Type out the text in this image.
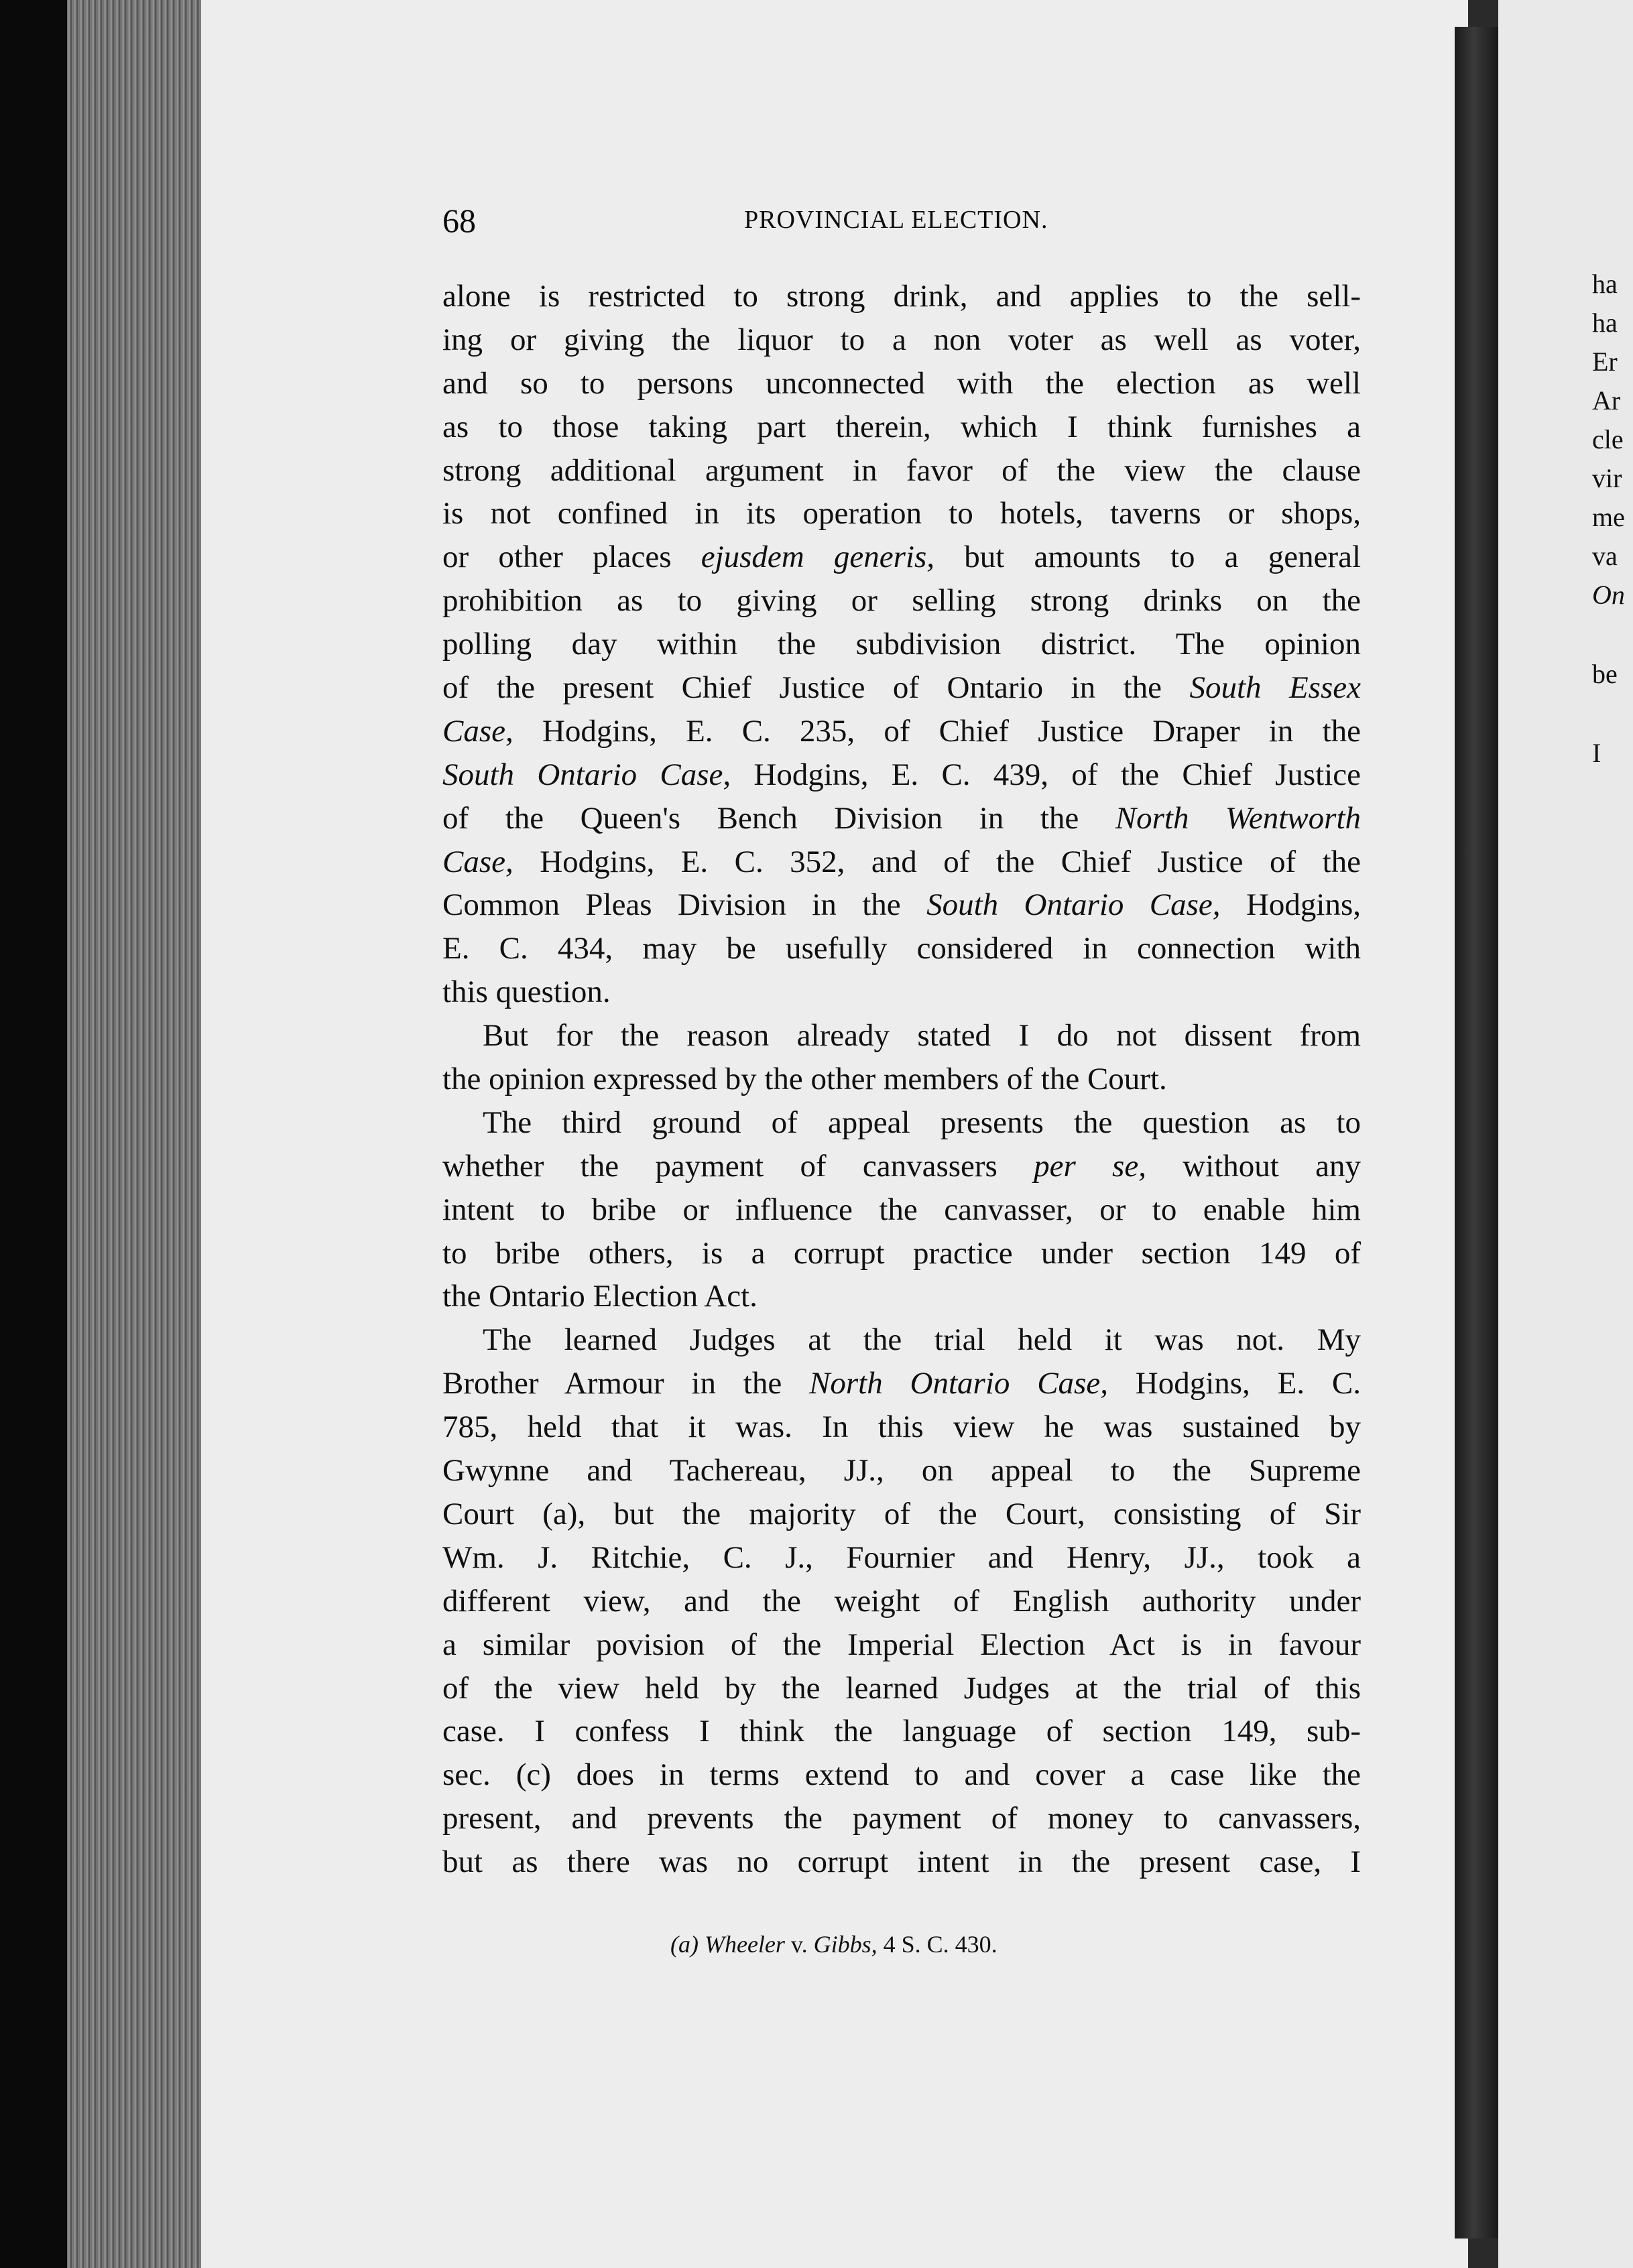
ha
ha
Er
Ar
cle
vir
me
va
On
be
I
68	PROVINCIAL ELECTION.
alone is restricted to strong drink, and applies to the sell-
ing or giving the liquor to a non voter as well as voter,
and so to persons unconnected with the election as well
as to those taking part therein, which I think furnishes a
strong additional argument in favor of the view the clause
is not confined in its operation to hotels, taverns or shops,
or other places ejusdem generis, but amounts to a general
prohibition as to giving or selling strong drinks on the
polling day within the subdivision district. The opinion
of the present Chief Justice of Ontario in the South Essex
Case, Hodgins, E. C. 235, of Chief Justice Draper in the
South Ontario Case, Hodgins, E. C. 439, of the Chief Justice
of the Queen's Bench Division in the North Wentworth
Case, Hodgins, E. C. 352, and of the Chief Justice of the
Common Pleas Division in the South Ontario Case, Hodgins,
E. C. 434, may be usefully considered in connection with
this question.
But for the reason already stated I do not dissent from
the opinion expressed by the other members of the Court.
The third ground of appeal presents the question as to
whether the payment of canvassers per se, without any
intent to bribe or influence the canvasser, or to enable him
to bribe others, is a corrupt practice under section 149 of
the Ontario Election Act.
The learned Judges at the trial held it was not. My
Brother Armour in the North Ontario Case, Hodgins, E. C.
785, held that it was. In this view he was sustained by
Gwynne and Tachereau, JJ., on appeal to the Supreme
Court (a), but the majority of the Court, consisting of Sir
Wm. J. Ritchie, C. J., Fournier and Henry, JJ., took a
different view, and the weight of English authority under
a similar povision of the Imperial Election Act is in favour
of the view held by the learned Judges at the trial of this
case. I confess I think the language of section 149, sub-
sec. (c) does in terms extend to and cover a case like the
present, and prevents the payment of money to canvassers,
but as there was no corrupt intent in the present case, I
(a) Wheeler v. Gibbs, 4 S. C. 430.
